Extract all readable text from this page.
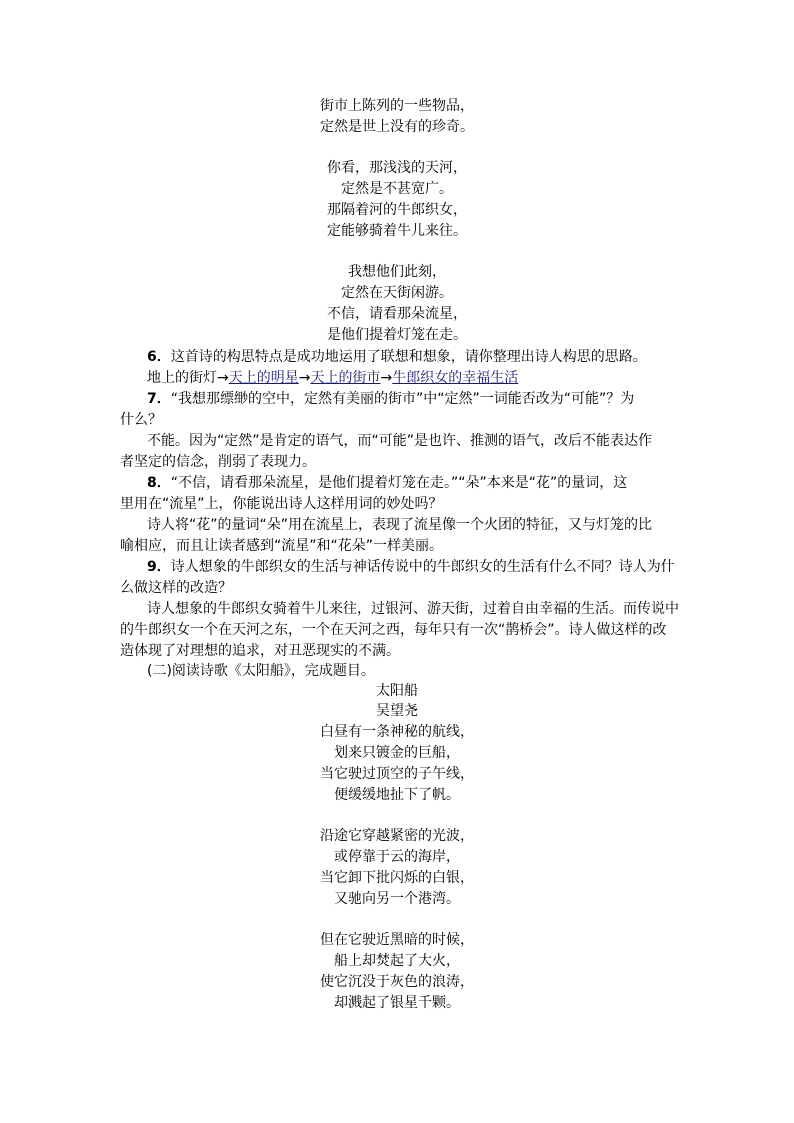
街市上陈列的一些物品，
定然是世上没有的珍奇。
你看，那浅浅的天河，
定然是不甚宽广。
那隔着河的牛郎织女，
定能够骑着牛儿来往。
我想他们此刻，
定然在天街闲游。
不信，请看那朵流星，
是他们提着灯笼在走。
6．这首诗的构思特点是成功地运用了联想和想象，请你整理出诗人构思的思路。
地上的街灯→天上的明星→天上的街市→牛郎织女的幸福生活
7．“我想那缥缈的空中，定然有美丽的街市”中“定然”一词能否改为“可能”？为
什么？
不能。因为“定然”是肯定的语气，而“可能”是也许、推测的语气，改后不能表达作
者坚定的信念，削弱了表现力。
8．“不信，请看那朵流星，是他们提着灯笼在走。”“朵”本来是“花”的量词，这
里用在“流星”上，你能说出诗人这样用词的妙处吗？
诗人将“花”的量词“朵”用在流星上，表现了流星像一个火团的特征，又与灯笼的比
喻相应，而且让读者感到“流星”和“花朵”一样美丽。
9．诗人想象的牛郎织女的生活与神话传说中的牛郎织女的生活有什么不同？诗人为什
么做这样的改造？
诗人想象的牛郎织女骑着牛儿来往，过银河、游天街，过着自由幸福的生活。而传说中
的牛郎织女一个在天河之东，一个在天河之西，每年只有一次“鹊桥会”。诗人做这样的改
造体现了对理想的追求，对丑恶现实的不满。
(二)阅读诗歌《太阳船》，完成题目。
太阳船
吴望尧
白昼有一条神秘的航线，
划来只镀金的巨船，
当它驶过顶空的子午线，
便缓缓地扯下了帆。
沿途它穿越紧密的光波，
或停靠于云的海岸，
当它卸下批闪烁的白银，
又驰向另一个港湾。
但在它驶近黑暗的时候，
船上却焚起了大火，
使它沉没于灰色的浪涛，
却溅起了银星千颗。
